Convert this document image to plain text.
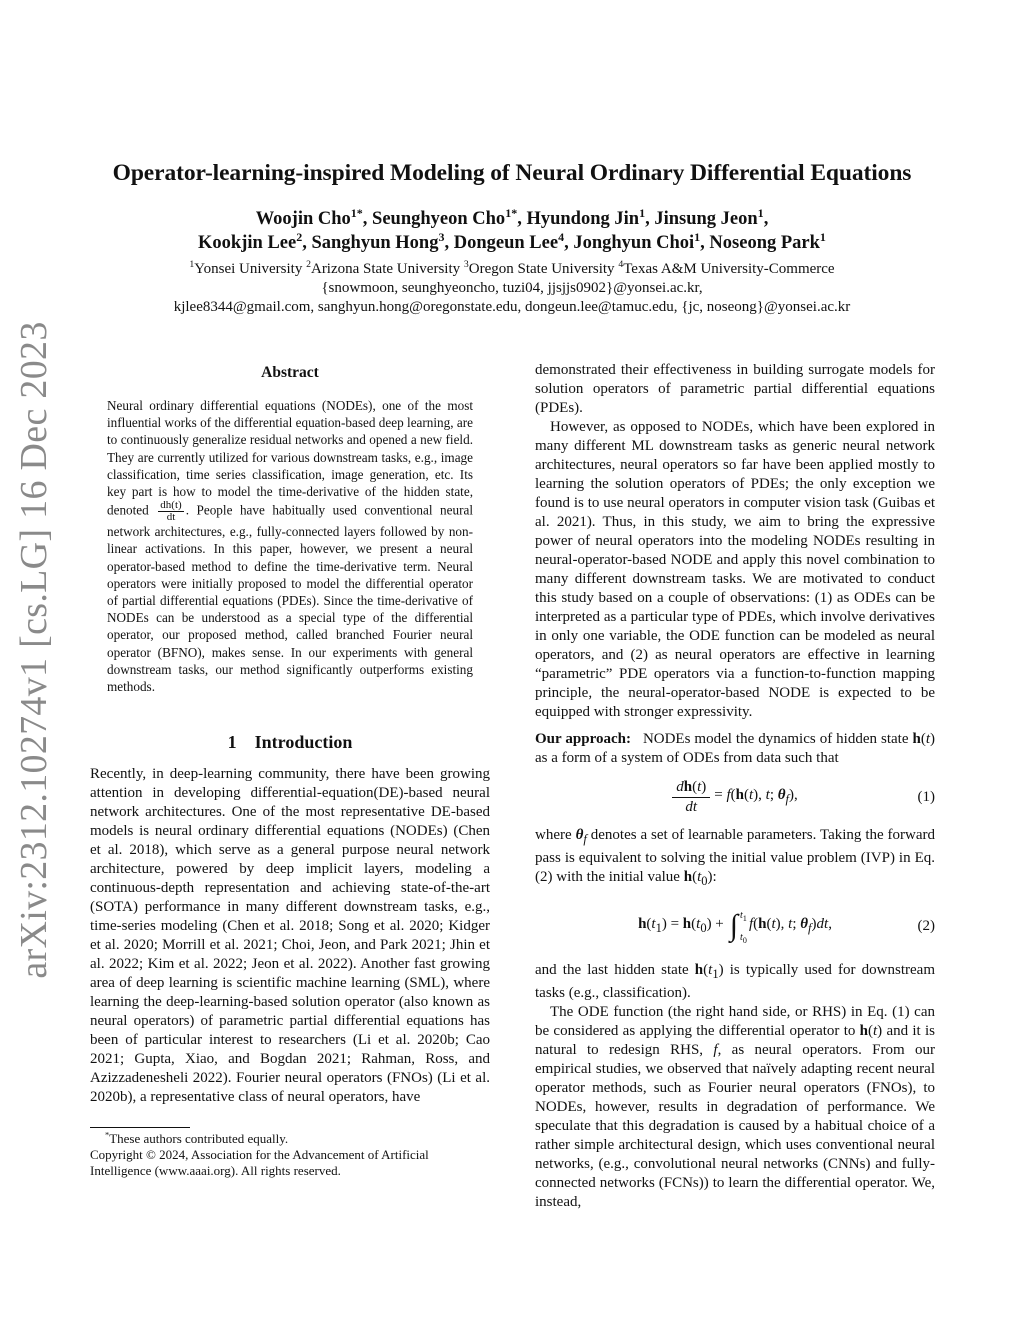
arXiv:2312.10274v1 [cs.LG] 16 Dec 2023
Operator-learning-inspired Modeling of Neural Ordinary Differential Equations
Woojin Cho$^{1*}$, Seunghyeon Cho$^{1*}$, Hyundong Jin$^1$, Jinsung Jeon$^1$,
Kookjin Lee$^2$, Sanghyun Hong$^3$, Dongeun Lee$^4$, Jonghyun Choi$^1$, Noseong Park$^1$
$^1$Yonsei University $^2$Arizona State University $^3$Oregon State University $^4$Texas A&M University-Commerce
{snowmoon, seunghyeoncho, tuzi04, jjsjjs0902}@yonsei.ac.kr,
kjlee8344@gmail.com, sanghyun.hong@oregonstate.edu, dongeun.lee@tamuc.edu, {jc, noseong}@yonsei.ac.kr
Abstract
Neural ordinary differential equations (NODEs), one of the most influential works of the differential equation-based deep learning, are to continuously generalize residual networks and opened a new field. They are currently utilized for various downstream tasks, e.g., image classification, time series classification, image generation, etc. Its key part is how to model the time-derivative of the hidden state, denoted $\frac{dh(t)}{dt}$ . People have habitually used conventional neural network architectures, e.g., fully-connected layers followed by non-linear activations. In this paper, however, we present a neural operator-based method to define the time-derivative term. Neural operators were initially proposed to model the differential operator of partial differential equations (PDEs). Since the time-derivative of NODEs can be understood as a special type of the differential operator, our proposed method, called branched Fourier neural operator (BFNO), makes sense. In our experiments with general downstream tasks, our method significantly outperforms existing methods.
1 Introduction

Recently, in deep-learning community, there have been growing attention in developing differential-equation(DE)-based neural network architectures. One of the most representative DE-based models is neural ordinary differential equations (NODEs) (Chen et al. 2018), which serve as a general purpose neural network architecture, powered by deep implicit layers, modeling a continuous-depth representation and achieving state-of-the-art (SOTA) performance in many different downstream tasks, e.g., time-series modeling (Chen et al. 2018; Song et al. 2020; Kidger et al. 2020; Morrill et al. 2021; Choi, Jeon, and Park 2021; Jhin et al. 2022; Kim et al. 2022; Jeon et al. 2022). Another fast growing area of deep learning is scientific machine learning (SML), where learning the deep-learning-based solution operator (also known as neural operators) of parametric partial differential equations has been of particular interest to researchers (Li et al. 2020b; Cao 2021; Gupta, Xiao, and Bogdan 2021; Rahman, Ross, and Azizzadenesheli 2022). Fourier neural operators (FNOs) (Li et al. 2020b), a representative class of neural operators, have

*These authors contributed equally.
Copyright © 2024, Association for the Advancement of Artificial Intelligence (www.aaai.org). All rights reserved.

demonstrated their effectiveness in building surrogate models for solution operators of parametric partial differential equations (PDEs).

However, as opposed to NODEs, which have been explored in many different ML downstream tasks as generic neural network architectures, neural operators so far have been applied mostly to learning the solution operators of PDEs; the only exception we found is to use neural operators in computer vision task (Guibas et al. 2021). Thus, in this study, we aim to bring the expressive power of neural operators into the modeling NODEs resulting in neural-operator-based NODE and apply this novel combination to many different downstream tasks. We are motivated to conduct this study based on a couple of observations: (1) as ODEs can be interpreted as a particular type of PDEs, which involve derivatives in only one variable, the ODE function can be modeled as neural operators, and (2) as neural operators are effective in learning “parametric” PDE operators via a function-to-function mapping principle, the neural-operator-based NODE is expected to be equipped with stronger expressivity.

Our approach: NODEs model the dynamics of hidden state h(t) as a form of a system of ODEs from data such that

$\frac{dh(t)}{dt} = f(h(t)$, t; $\theta_f$),	(1)

where $\theta_f$ denotes a set of learnable parameters. Taking the forward pass is equivalent to solving the initial value problem (IVP) in Eq. (2) with the initial value $h(t_0)$:

$h(t_1) = h(t_0)$ + ∫ $t_1$
$t_0$
f(h(t), t; $\theta_f)dt$,	(2)

and the last hidden state $h(t_1)$ is typically used for downstream tasks (e.g., classification).

The ODE function (the right hand side, or RHS) in Eq. (1) can be considered as applying the differential operator to h(t) and it is natural to redesign RHS, f, as neural operators. From our empirical studies, we observed that naïvely adapting recent neural operator methods, such as Fourier neural operators (FNOs), to NODEs, however, results in degradation of performance. We speculate that this degradation is caused by a habitual choice of a rather simple architectural design, which uses conventional neural networks, (e.g., convolutional neural networks (CNNs) and fully-connected networks (FCNs)) to learn the differential operator. We, instead,
